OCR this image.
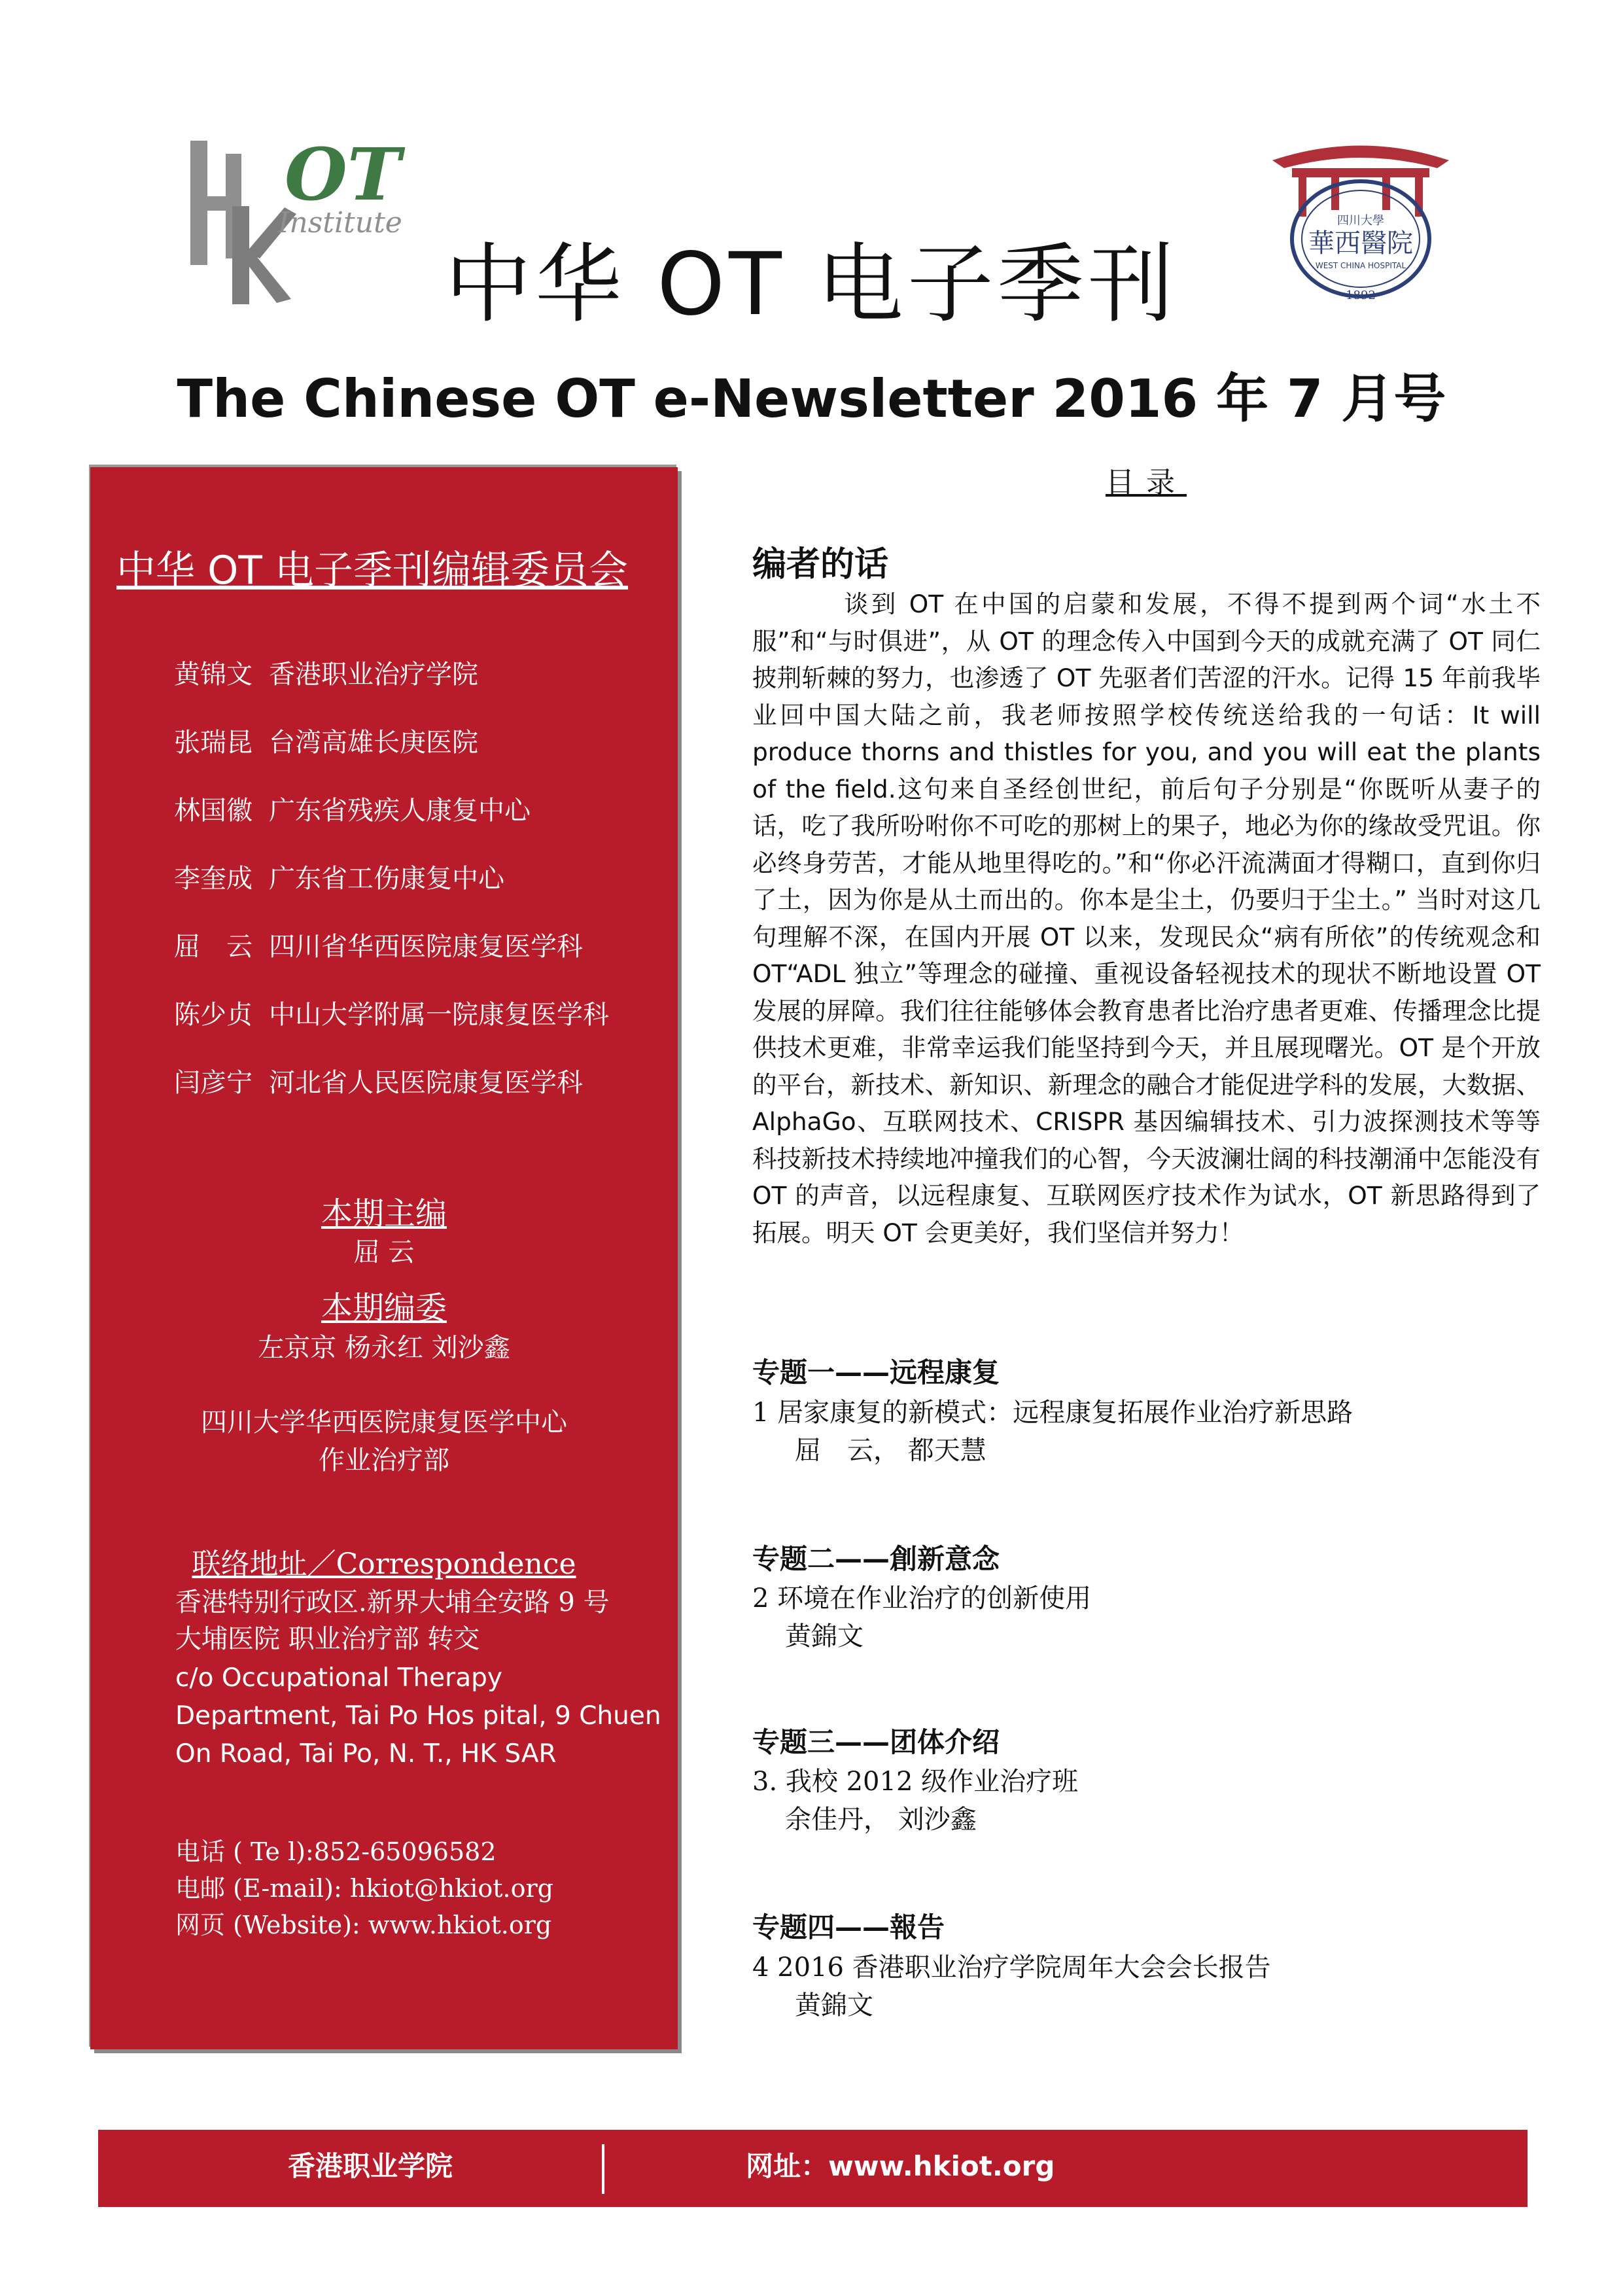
OT
Institute	四川大學
華西醫院
WEST CHINA HOSPITAL
1892
中华 OT 电子季刊
The Chinese OT e-Newsletter 2016 年 7 月号
中华 OT 电子季刊编辑委员会
黄锦文 香港职业治疗学院
张瑞昆 台湾高雄长庚医院
林国徽 广东省残疾人康复中心
李奎成 广东省工伤康复中心
屈　云 四川省华西医院康复医学科
陈少贞 中山大学附属一院康复医学科
闫彦宁 河北省人民医院康复医学科
本期主编
屈 云
本期编委
左京京 杨永红 刘沙鑫
四川大学华西医院康复医学中心
作业治疗部
联络地址／Correspondence
香港特别行政区.新界大埔全安路 9 号
大埔医院 职业治疗部 转交
c/o Occupational Therapy Department, Tai Po Hos pital, 9 Chuen On Road, Tai Po, N. T., HK SAR
电话 ( Te l):852-65096582
电邮 (E-mail): hkiot@hkiot.org
网页 (Website): www.hkiot.org
目录
编者的话

谈到 OT 在中国的启蒙和发展，不得不提到两个词“水土不服”和“与时俱进”，从 OT 的理念传入中国到今天的成就充满了 OT 同仁披荆斩棘的努力，也渗透了 OT 先驱者们苦涩的汗水。记得 15 年前我毕业回中国大陆之前，我老师按照学校传统送给我的一句话：It will produce thorns and thistles for you, and you will eat the plants of the field.这句来自圣经创世纪，前后句子分别是“你既听从妻子的话，吃了我所吩咐你不可吃的那树上的果子，地必为你的缘故受咒诅。你必终身劳苦，才能从地里得吃的。”和“你必汗流满面才得糊口，直到你归了土，因为你是从土而出的。你本是尘土，仍要归于尘土。” 当时对这几句理解不深，在国内开展 OT 以来，发现民众“病有所依”的传统观念和 OT“ADL 独立”等理念的碰撞、重视设备轻视技术的现状不断地设置 OT 发展的屏障。我们往往能够体会教育患者比治疗患者更难、传播理念比提供技术更难，非常幸运我们能坚持到今天，并且展现曙光。OT 是个开放的平台，新技术、新知识、新理念的融合才能促进学科的发展，大数据、AlphaGo、互联网技术、CRISPR 基因编辑技术、引力波探测技术等等科技新技术持续地冲撞我们的心智，今天波澜壮阔的科技潮涌中怎能没有 OT 的声音，以远程康复、互联网医疗技术作为试水，OT 新思路得到了拓展。明天 OT 会更美好，我们坚信并努力！

专题一——远程康复
1 居家康复的新模式：远程康复拓展作业治疗新思路
屈　云， 都天慧
专题二——創新意念
2 环境在作业治疗的创新使用
黄錦文
专题三——团体介绍
3. 我校 2012 级作业治疗班
余佳丹， 刘沙鑫
专题四——報告
4 2016 香港职业治疗学院周年大会会长报告
黄錦文
香港职业学院	网址：www.hkiot.org
